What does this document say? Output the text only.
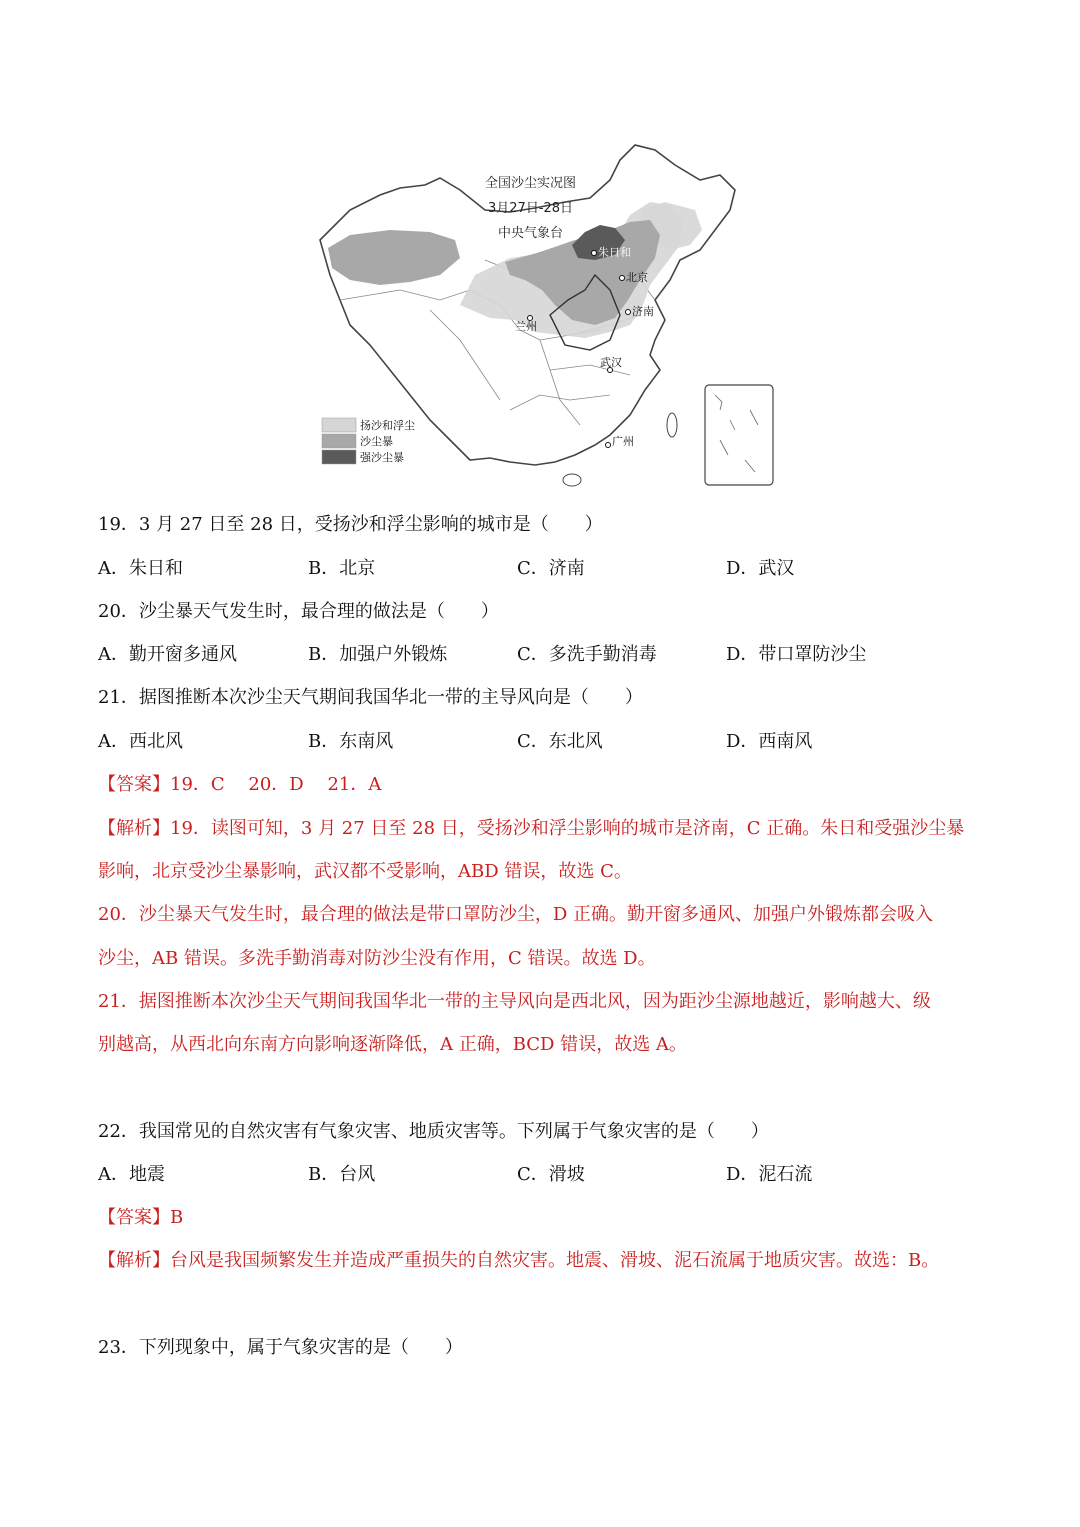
全国沙尘实况图
3月27日-28日
中央气象台
朱日和
北京
兰州
济南
武汉
广州
扬沙和浮尘
沙尘暴
强沙尘暴
19．3 月 27 日至 28 日，受扬沙和浮尘影响的城市是（　　）
A．朱日和	B．北京	C．济南	D．武汉
20．沙尘暴天气发生时，最合理的做法是（　　）
A．勤开窗多通风	B．加强户外锻炼	C．多洗手勤消毒	D．带口罩防沙尘
21．据图推断本次沙尘天气期间我国华北一带的主导风向是（　　）
A．西北风	B．东南风	C．东北风	D．西南风
【答案】19．C　 20．D　 21．A
【解析】19．读图可知，3 月 27 日至 28 日，受扬沙和浮尘影响的城市是济南，C 正确。朱日和受强沙尘暴
影响，北京受沙尘暴影响，武汉都不受影响，ABD 错误，故选 C。
20．沙尘暴天气发生时，最合理的做法是带口罩防沙尘，D 正确。勤开窗多通风、加强户外锻炼都会吸入
沙尘，AB 错误。多洗手勤消毒对防沙尘没有作用，C 错误。故选 D。
21．据图推断本次沙尘天气期间我国华北一带的主导风向是西北风，因为距沙尘源地越近，影响越大、级
别越高，从西北向东南方向影响逐渐降低，A 正确，BCD 错误，故选 A。
22．我国常见的自然灾害有气象灾害、地质灾害等。下列属于气象灾害的是（　　）
A．地震	B．台风	C．滑坡	D．泥石流
【答案】B
【解析】台风是我国频繁发生并造成严重损失的自然灾害。地震、滑坡、泥石流属于地质灾害。故选：B。
23．下列现象中，属于气象灾害的是（　　）
